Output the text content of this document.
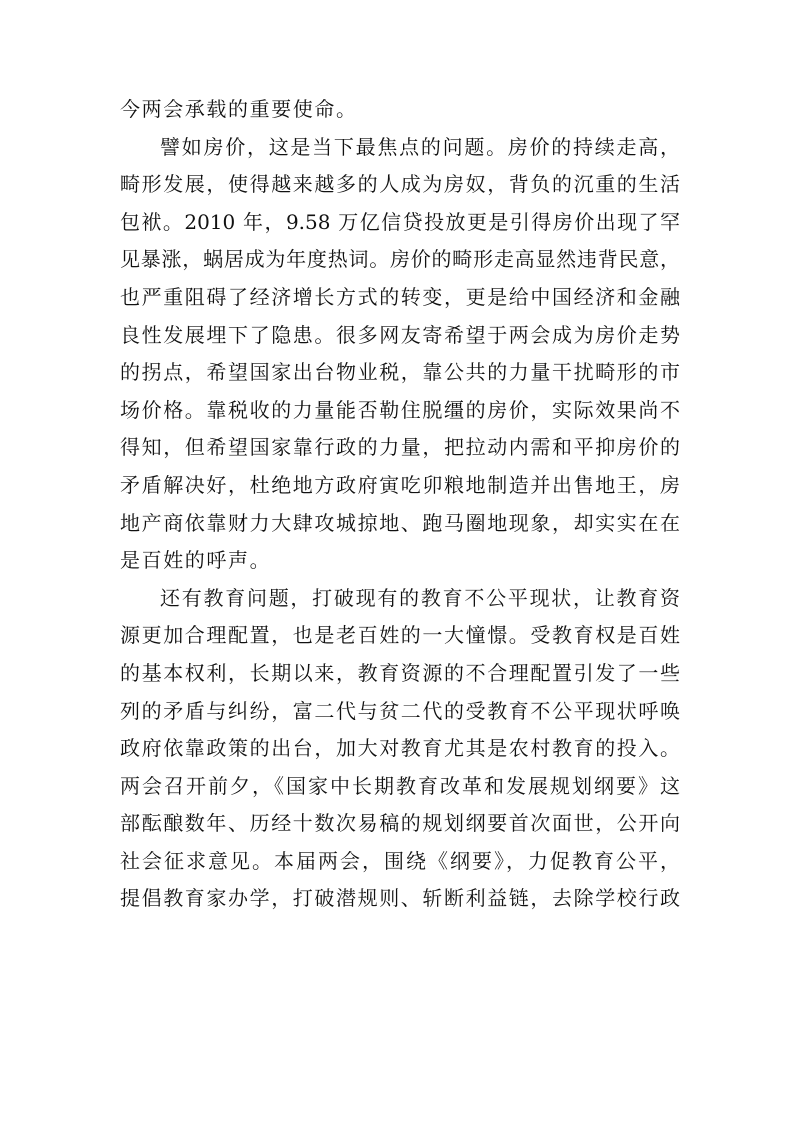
今两会承载的重要使命。
譬如房价，这是当下最焦点的问题。房价的持续走高，
畸形发展，使得越来越多的人成为房奴，背负的沉重的生活
包袱。2010 年，9.58 万亿信贷投放更是引得房价出现了罕
见暴涨，蜗居成为年度热词。房价的畸形走高显然违背民意，
也严重阻碍了经济增长方式的转变，更是给中国经济和金融
良性发展埋下了隐患。很多网友寄希望于两会成为房价走势
的拐点，希望国家出台物业税，靠公共的力量干扰畸形的市
场价格。靠税收的力量能否勒住脱缰的房价，实际效果尚不
得知，但希望国家靠行政的力量，把拉动内需和平抑房价的
矛盾解决好，杜绝地方政府寅吃卯粮地制造并出售地王，房
地产商依靠财力大肆攻城掠地、跑马圈地现象，却实实在在
是百姓的呼声。
还有教育问题，打破现有的教育不公平现状，让教育资
源更加合理配置，也是老百姓的一大憧憬。受教育权是百姓
的基本权利，长期以来，教育资源的不合理配置引发了一些
列的矛盾与纠纷，富二代与贫二代的受教育不公平现状呼唤
政府依靠政策的出台，加大对教育尤其是农村教育的投入。
两会召开前夕，《国家中长期教育改革和发展规划纲要》这
部酝酿数年、历经十数次易稿的规划纲要首次面世，公开向
社会征求意见。本届两会，围绕《纲要》，力促教育公平，
提倡教育家办学，打破潜规则、斩断利益链，去除学校行政
